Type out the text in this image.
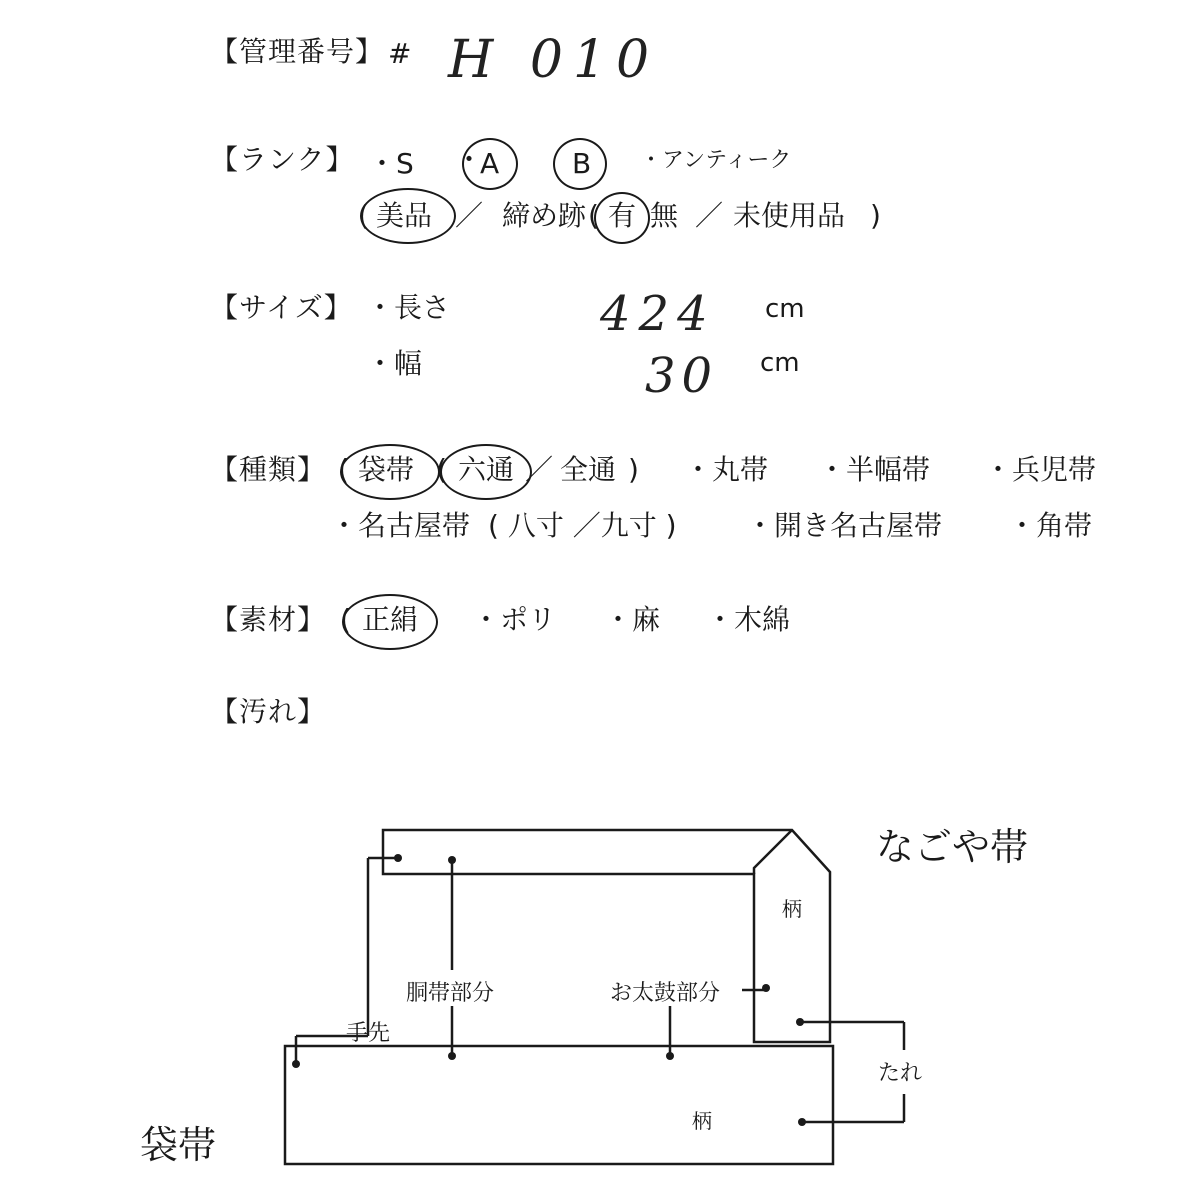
【管理番号】 # H 010
【ランク】 ・S ・
A	B ・アンティーク
( 美品 ／ 締め跡 ( 有 無 ／ 未使用品 )
【サイズ】 ・長さ	424 cm
・幅	30 cm
【種類】 ( 袋帯 ( 六通 ／ 全通 ) ・丸帯 ・半幅帯 ・兵児帯
・名古屋帯 ( 八寸 ／九寸 ) ・開き名古屋帯 ・角帯
【素材】 ( 正絹 ・ポリ ・麻 ・木綿
【汚れ】
なごや帯
袋帯
柄
柄
胴帯部分	お太鼓部分
手先
たれ
